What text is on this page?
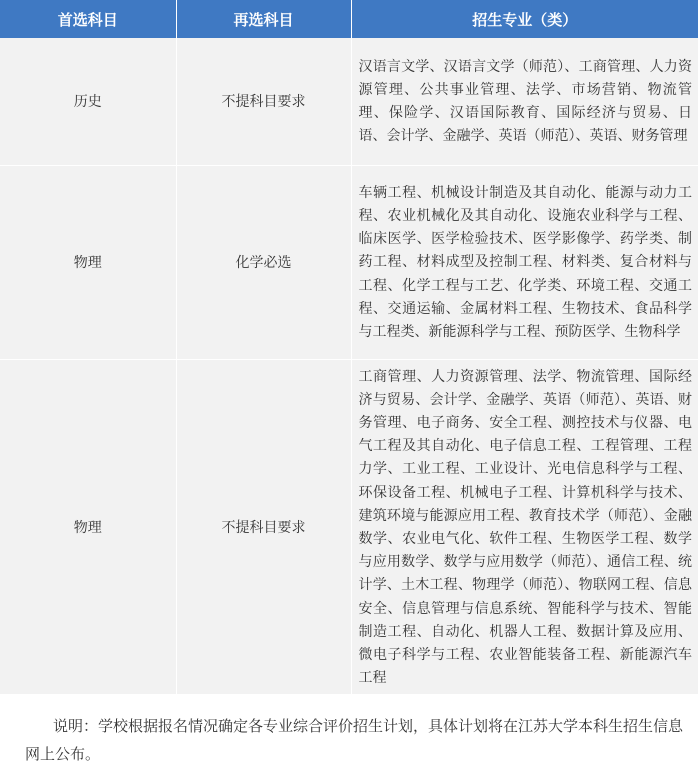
首选科目	再选科目	招生专业（类）
历史	不提科目要求	汉语言文学、汉语言文学（师范）、工商管理、人力资源管理、公共事业管理、法学、市场营销、物流管理、保险学、汉语国际教育、国际经济与贸易、日语、会计学、金融学、英语（师范）、英语、财务管理
物理	化学必选	车辆工程、机械设计制造及其自动化、能源与动力工程、农业机械化及其自动化、设施农业科学与工程、临床医学、医学检验技术、医学影像学、药学类、制药工程、材料成型及控制工程、材料类、复合材料与工程、化学工程与工艺、化学类、环境工程、交通工程、交通运输、金属材料工程、生物技术、食品科学与工程类、新能源科学与工程、预防医学、生物科学
物理	不提科目要求	工商管理、人力资源管理、法学、物流管理、国际经济与贸易、会计学、金融学、英语（师范）、英语、财务管理、电子商务、安全工程、测控技术与仪器、电气工程及其自动化、电子信息工程、工程管理、工程力学、工业工程、工业设计、光电信息科学与工程、环保设备工程、机械电子工程、计算机科学与技术、建筑环境与能源应用工程、教育技术学（师范）、金融数学、农业电气化、软件工程、生物医学工程、数学与应用数学、数学与应用数学（师范）、通信工程、统计学、土木工程、物理学（师范）、物联网工程、信息安全、信息管理与信息系统、智能科学与技术、智能制造工程、自动化、机器人工程、数据计算及应用、微电子科学与工程、农业智能装备工程、新能源汽车工程

说明：学校根据报名情况确定各专业综合评价招生计划，具体计划将在江苏大学本科生招生信息网上公布。
